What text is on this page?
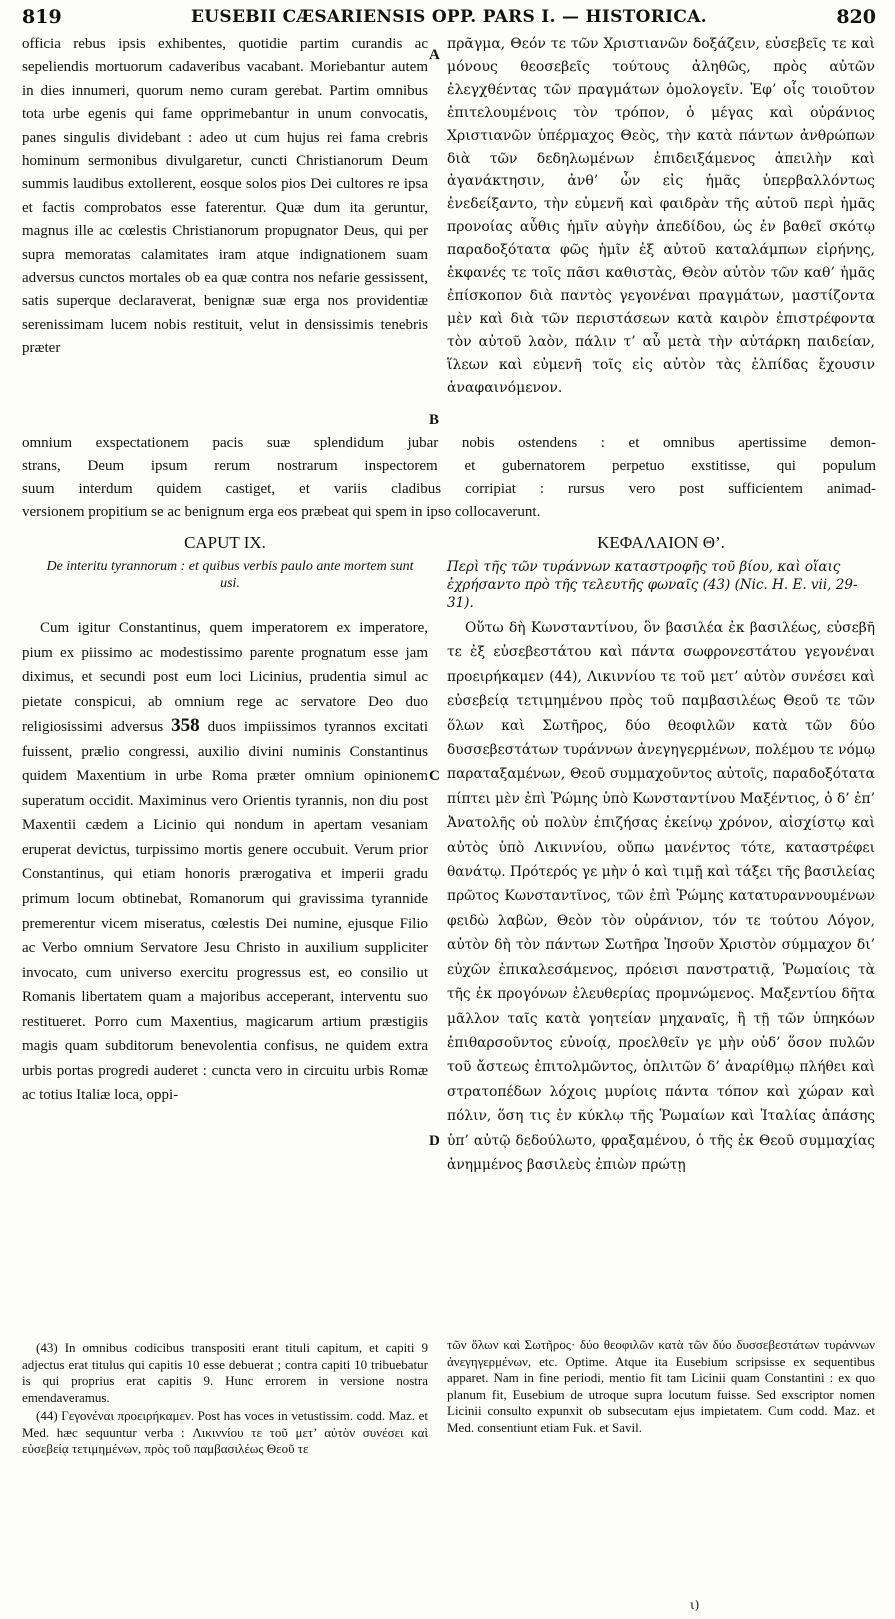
819	EUSEBII CÆSARIENSIS OPP. PARS I. — HISTORICA.	820

officia rebus ipsis exhibentes, quotidie partim curandis ac sepeliendis mortuorum cadaveribus vacabant. Moriebantur autem in dies innumeri, quorum nemo curam gerebat. Partim omnibus tota urbe egenis qui fame opprimebantur in unum convocatis, panes singulis dividebant : adeo ut cum hujus rei fama crebris hominum sermonibus divulgaretur, cuncti Christianorum Deum summis laudibus extollerent, eosque solos pios Dei cultores re ipsa et factis comprobatos esse faterentur. Quæ dum ita geruntur, magnus ille ac cœlestis Christianorum propugnator Deus, qui per supra memoratas calamitates iram atque indignationem suam adversus cunctos mortales ob ea quæ contra nos nefarie gessissent, satis superque declaraverat, benignæ suæ erga nos providentiæ serenissimam lucem nobis restituit, velut in densissimis tenebris præter

A

πρᾶγμα, Θεόν τε τῶν Χριστιανῶν δοξάζειν, εὐσεβεῖς τε καὶ μόνους θεοσεβεῖς τούτους ἀληθῶς, πρὸς αὐτῶν ἐλεγχθέντας τῶν πραγμάτων ὁμολογεῖν. Ἐφ’ οἷς τοιοῦτον ἐπιτελουμένοις τὸν τρόπον, ὁ μέγας καὶ οὐράνιος Χριστιανῶν ὑπέρμαχος Θεὸς, τὴν κατὰ πάντων ἀνθρώπων διὰ τῶν δεδηλωμένων ἐπιδειξάμενος ἀπειλὴν καὶ ἀγανάκτησιν, ἀνθ’ ὧν εἰς ἡμᾶς ὑπερβαλλόντως ἐνεδείξαντο, τὴν εὐμενῆ καὶ φαιδρὰν τῆς αὐτοῦ περὶ ἡμᾶς προνοίας αὖθις ἡμῖν αὐγὴν ἀπεδίδου, ὡς ἐν βαθεῖ σκότῳ παραδοξότατα φῶς ἡμῖν ἐξ αὐτοῦ καταλάμπων εἰρήνης, ἐκφανές τε τοῖς πᾶσι καθιστὰς, Θεὸν αὐτὸν τῶν καθ’ ἡμᾶς ἐπίσκοπον διὰ παντὸς γεγονέναι πραγμάτων, μαστίζοντα μὲν καὶ διὰ τῶν περιστάσεων κατὰ καιρὸν ἐπιστρέφοντα τὸν αὐτοῦ λαὸν, πάλιν τ’ αὖ μετὰ τὴν αὐτάρκη παιδείαν, ἵλεων καὶ εὐμενῆ τοῖς εἰς αὐτὸν τὰς ἐλπίδας ἔχουσιν ἀναφαινόμενον.

B
omnium exspectationem pacis suæ splendidum jubar nobis ostendens : et omnibus apertissime demon-
strans, Deum ipsum rerum nostrarum inspectorem et gubernatorem perpetuo exstitisse, qui populum
suum interdum quidem castiget, et variis cladibus corripiat : rursus vero post sufficientem animad-
versionem propitium se ac benignum erga eos præbeat qui spem in ipso collocaverunt.
CAPUT IX.
De interitu tyrannorum : et quibus verbis paulo ante mortem sunt usi.
ΚΕΦΑΛΑΙΟΝ Θ’.
Περὶ τῆς τῶν τυράννων καταστροφῆς τοῦ βίου, καὶ οἵαις ἐχρήσαντο πρὸ τῆς τελευτῆς φωναῖς (43) (Nic. H. E. vii, 29-31).

Cum igitur Constantinus, quem imperatorem ex imperatore, pium ex piissimo ac modestissimo parente prognatum esse jam diximus, et secundi post eum loci Licinius, prudentia simul ac pietate conspicui, ab omnium rege ac servatore Deo duo religiosissimi adversus 358 duos impiissimos tyrannos excitati fuissent, prælio congressi, auxilio divini numinis Constantinus quidem Maxentium in urbe Roma præter omnium opinionem superatum occidit. Maximinus vero Orientis tyrannis, non diu post Maxentii cædem a Licinio qui nondum in apertam vesaniam eruperat devictus, turpissimo mortis genere occubuit. Verum prior Constantinus, qui etiam honoris prærogativa et imperii gradu primum locum obtinebat, Romanorum qui gravissima tyrannide premerentur vicem miseratus, cœlestis Dei numine, ejusque Filio ac Verbo omnium Servatore Jesu Christo in auxilium suppliciter invocato, cum universo exercitu progressus est, eo consilio ut Romanis libertatem quam a majoribus acceperant, interventu suo restitueret. Porro cum Maxentius, magicarum artium præstigiis magis quam subditorum benevolentia confisus, ne quidem extra urbis portas progredi auderet : cuncta vero in circuitu urbis Romæ ac totius Italiæ loca, oppi-

C
D

Οὕτω δὴ Κωνσταντίνου, ὃν βασιλέα ἐκ βασιλέως, εὐσεβῆ τε ἐξ εὐσεβεστάτου καὶ πάντα σωφρονεστάτου γεγονέναι προειρήκαμεν (44), Λικιννίου τε τοῦ μετ’ αὐτὸν συνέσει καὶ εὐσεβείᾳ τετιμημένου πρὸς τοῦ παμβασιλέως Θεοῦ τε τῶν ὅλων καὶ Σωτῆρος, δύο θεοφιλῶν κατὰ τῶν δύο δυσσεβεστάτων τυράννων ἀνεγηγερμένων, πολέμου τε νόμῳ παραταξαμένων, Θεοῦ συμμαχοῦντος αὐτοῖς, παραδοξότατα πίπτει μὲν ἐπὶ Ῥώμης ὑπὸ Κωνσταντίνου Μαξέντιος, ὁ δ’ ἐπ’ Ἀνατολῆς οὐ πολὺν ἐπιζήσας ἐκείνῳ χρόνον, αἰσχίστῳ καὶ αὐτὸς ὑπὸ Λικιννίου, οὔπω μανέντος τότε, καταστρέφει θανάτῳ. Πρότερός γε μὴν ὁ καὶ τιμῇ καὶ τάξει τῆς βασιλείας πρῶτος Κωνσταντῖνος, τῶν ἐπὶ Ῥώμης κατατυραννουμένων φειδὼ λαβὼν, Θεὸν τὸν οὐράνιον, τόν τε τούτου Λόγον, αὐτὸν δὴ τὸν πάντων Σωτῆρα Ἰησοῦν Χριστὸν σύμμαχον δι’ εὐχῶν ἐπικαλεσάμενος, πρόεισι πανστρατιᾷ, Ῥωμαίοις τὰ τῆς ἐκ προγόνων ἐλευθερίας προμνώμενος. Μαξεντίου δῆτα μᾶλλον ταῖς κατὰ γοητείαν μηχαναῖς, ἢ τῇ τῶν ὑπηκόων ἐπιθαρσοῦντος εὐνοίᾳ, προελθεῖν γε μὴν οὐδ’ ὅσον πυλῶν τοῦ ἄστεως ἐπιτολμῶντος, ὁπλιτῶν δ’ ἀναρίθμῳ πλήθει καὶ στρατοπέδων λόχοις μυρίοις πάντα τόπον καὶ χώραν καὶ πόλιν, ὅση τις ἐν κύκλῳ τῆς Ῥωμαίων καὶ Ἰταλίας ἁπάσης ὑπ’ αὐτῷ δεδούλωτο, φραξαμένου, ὁ τῆς ἐκ Θεοῦ συμμαχίας ἀνημμένος βασιλεὺς ἐπιὼν πρώτῃ

(43) In omnibus codicibus transpositi erant tituli capitum, et capiti 9 adjectus erat titulus qui capitis 10 esse debuerat ; contra capiti 10 tribuebatur is qui proprius erat capitis 9. Hunc errorem in versione nostra emendaveramus.

(44) Γεγονέναι προειρήκαμεν. Post has voces in vetustissim. codd. Maz. et Med. hæc sequuntur verba : Λικιννίου τε τοῦ μετ’ αὐτὸν συνέσει καὶ εὐσεβείᾳ τετιμημένων, πρὸς τοῦ παμβασιλέως Θεοῦ τε

τῶν ὅλων καὶ Σωτῆρος· δύο θεοφιλῶν κατὰ τῶν δύο δυσσεβεστάτων τυράννων ἀνεγηγερμένων, etc. Optime. Atque ita Eusebium scripsisse ex sequentibus apparet. Nam in fine periodi, mentio fit tam Licinii quam Constantini : ex quo planum fit, Eusebium de utroque supra locutum fuisse. Sed exscriptor nomen Licinii consulto expunxit ob subsecutam ejus impietatem. Cum codd. Maz. et Med. consentiunt etiam Fuk. et Savil.

ι)
